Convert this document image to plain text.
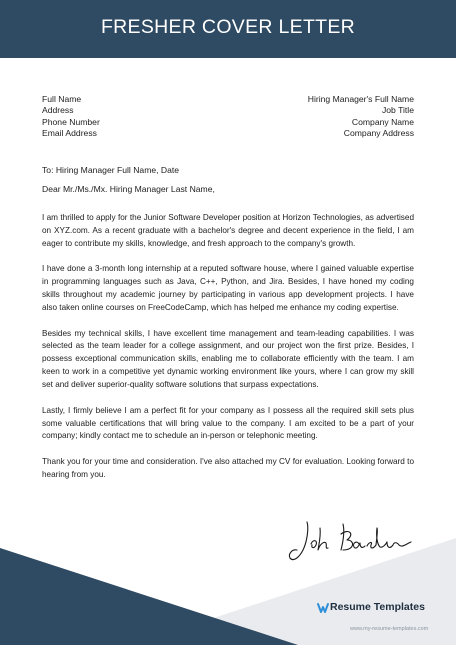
FRESHER COVER LETTER
Full Name
Address
Phone Number
Email Address
Hiring Manager's Full Name
Job Title
Company Name
Company Address
To: Hiring Manager Full Name, Date
Dear Mr./Ms./Mx. Hiring Manager Last Name,

I am thrilled to apply for the Junior Software Developer position at Horizon Technologies, as advertised on XYZ.com. As a recent graduate with a bachelor's degree and decent experience in the field, I am eager to contribute my skills, knowledge, and fresh approach to the company's growth.

I have done a 3-month long internship at a reputed software house, where I gained valuable expertise in programming languages such as Java, C++, Python, and Jira. Besides, I have honed my coding skills throughout my academic journey by participating in various app development projects. I have also taken online courses on FreeCodeCamp, which has helped me enhance my coding expertise.

Besides my technical skills, I have excellent time management and team-leading capabilities. I was selected as the team leader for a college assignment, and our project won the first prize. Besides, I possess exceptional communication skills, enabling me to collaborate efficiently with the team. I am keen to work in a competitive yet dynamic working environment like yours, where I can grow my skill set and deliver superior-quality software solutions that surpass expectations.

Lastly, I firmly believe I am a perfect fit for your company as I possess all the required skill sets plus some valuable certifications that will bring value to the company. I am excited to be a part of your company; kindly contact me to schedule an in-person or telephonic meeting.

Thank you for your time and consideration. I've also attached my CV for evaluation. Looking forward to hearing from you.

Resume Templates
www.my-resume-templates.com
